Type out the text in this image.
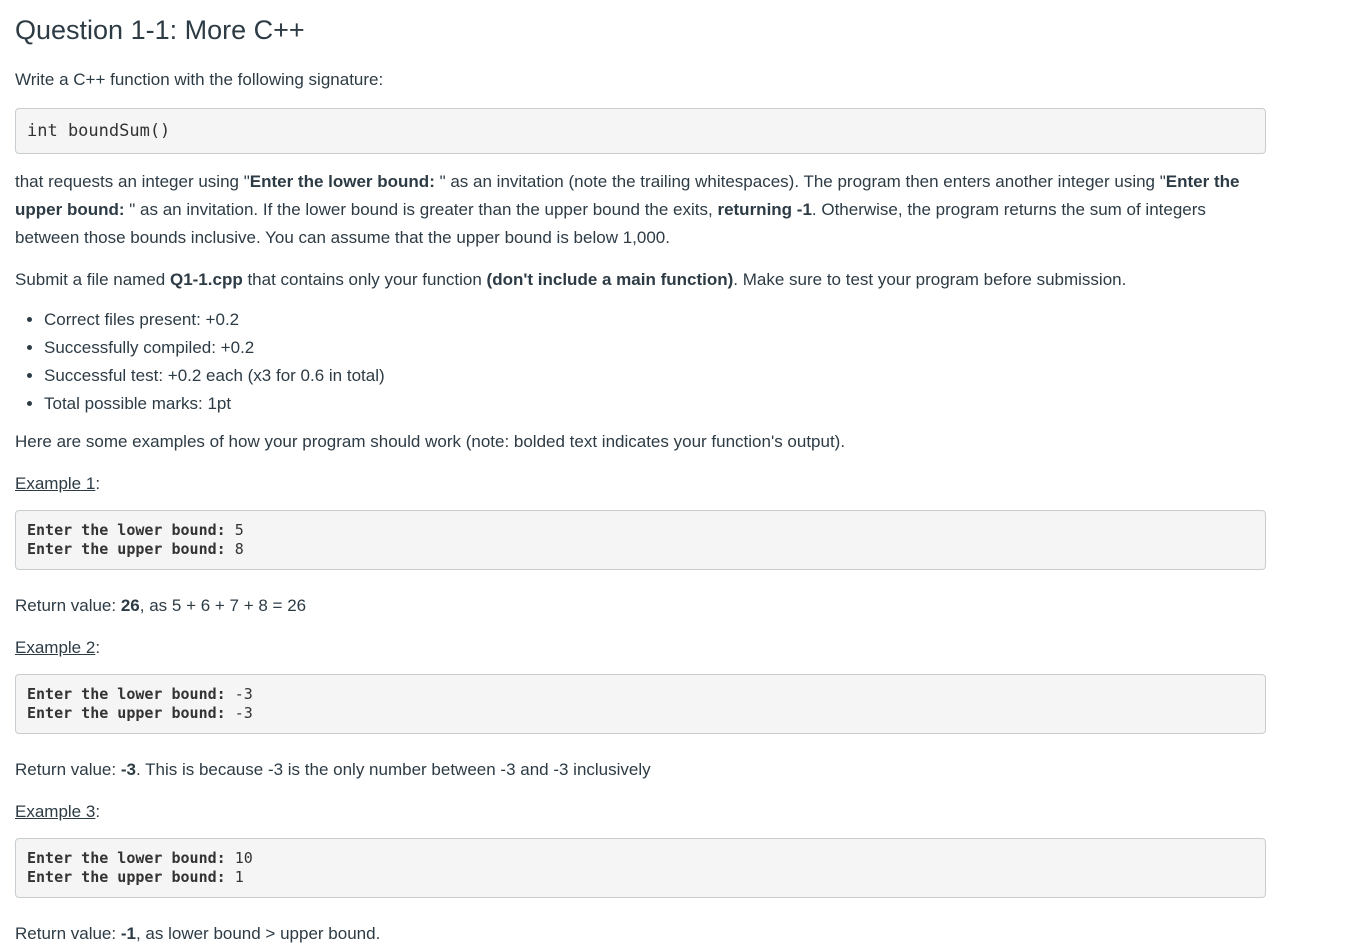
Question 1-1: More C++

Write a C++ function with the following signature:

int boundSum()

that requests an integer using "Enter the lower bound: " as an invitation (note the trailing whitespaces). The program then enters another integer using "Enter the upper bound: " as an invitation. If the lower bound is greater than the upper bound the exits, returning -1. Otherwise, the program returns the sum of integers between those bounds inclusive. You can assume that the upper bound is below 1,000.

Submit a file named Q1-1.cpp that contains only your function (don't include a main function). Make sure to test your program before submission.

• Correct files present: +0.2
• Successfully compiled: +0.2
• Successful test: +0.2 each (x3 for 0.6 in total)
• Total possible marks: 1pt

Here are some examples of how your program should work (note: bolded text indicates your function's output).

Example 1:
Enter the lower bound: 5
Enter the upper bound: 8

Return value: 26, as 5 + 6 + 7 + 8 = 26

Example 2:
Enter the lower bound: -3
Enter the upper bound: -3

Return value: -3. This is because -3 is the only number between -3 and -3 inclusively

Example 3:
Enter the lower bound: 10
Enter the upper bound: 1

Return value: -1, as lower bound > upper bound.
